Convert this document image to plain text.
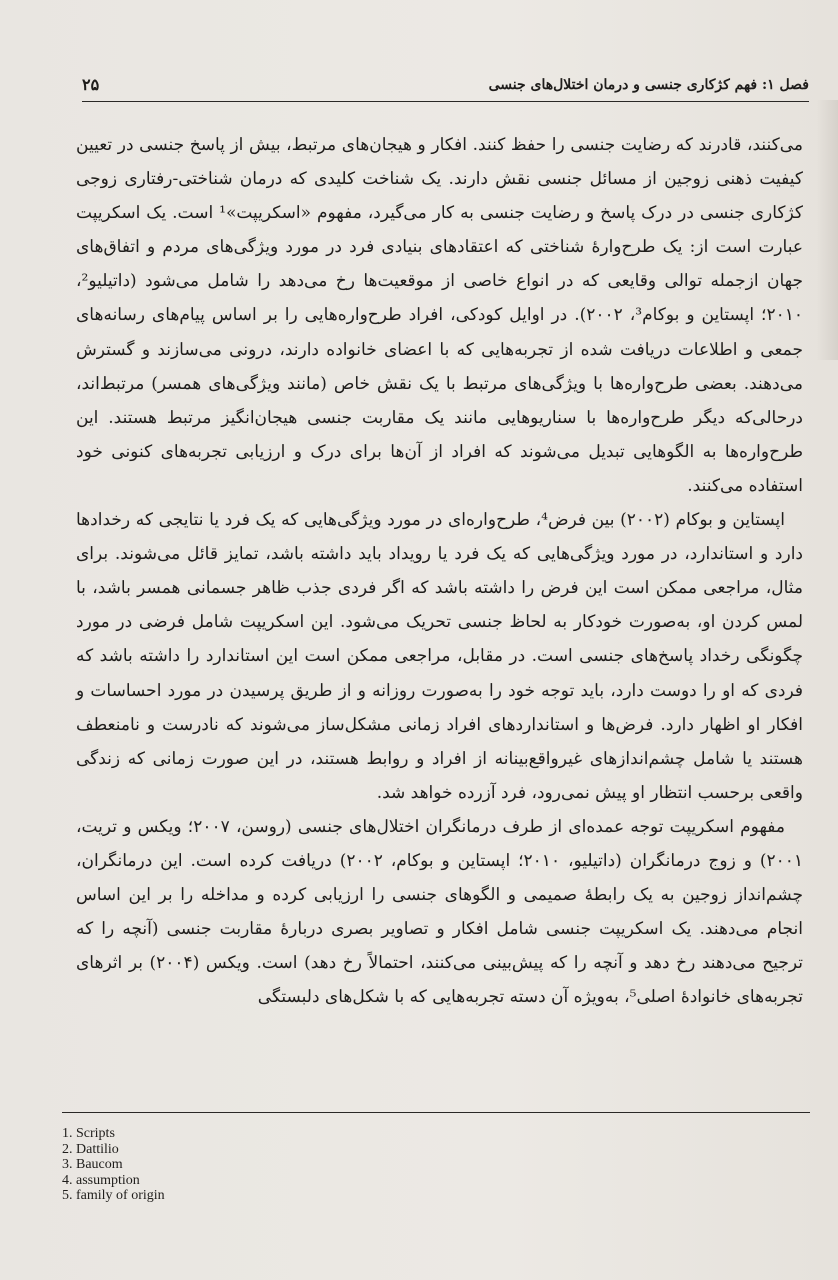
فصل ۱: فهم کژکاری جنسی و درمان اختلال‌های جنسی
۲۵

می‌کنند، قادرند که رضایت جنسی را حفظ کنند. افکار و هیجان‌های مرتبط، بیش از پاسخ جنسی در تعیین کیفیت ذهنی زوجین از مسائل جنسی نقش دارند. یک شناخت کلیدی که درمان شناختی-رفتاری زوجی کژکاری جنسی در درک پاسخ و رضایت جنسی به کار می‌گیرد، مفهوم «اسکریپت»¹ است. یک اسکریپت عبارت است از: یک طرح‌وارهٔ شناختی که اعتقادهای بنیادی فرد در مورد ویژگی‌های مردم و اتفاق‌های جهان ازجمله توالی وقایعی که در انواع خاصی از موقعیت‌ها رخ می‌دهد را شامل می‌شود (داتیلیو²، ۲۰۱۰؛ اپستاین و بوکام³، ۲۰۰۲). در اوایل کودکی، افراد طرح‌واره‌هایی را بر اساس پیام‌های رسانه‌های جمعی و اطلاعات دریافت شده از تجربه‌هایی که با اعضای خانواده دارند، درونی می‌سازند و گسترش می‌دهند. بعضی طرح‌واره‌ها با ویژگی‌های مرتبط با یک نقش خاص (مانند ویژگی‌های همسر) مرتبط‌اند، درحالی‌که دیگر طرح‌واره‌ها با سناریوهایی مانند یک مقاربت جنسی هیجان‌انگیز مرتبط هستند. این طرح‌واره‌ها به الگوهایی تبدیل می‌شوند که افراد از آن‌ها برای درک و ارزیابی تجربه‌های کنونی خود استفاده می‌کنند.

اپستاین و بوکام (۲۰۰۲) بین فرض⁴، طرح‌واره‌ای در مورد ویژگی‌هایی که یک فرد یا نتایجی که رخدادها دارد و استاندارد، در مورد ویژگی‌هایی که یک فرد یا رویداد باید داشته باشد، تمایز قائل می‌شوند. برای مثال، مراجعی ممکن است این فرض را داشته باشد که اگر فردی جذب ظاهر جسمانی همسر باشد، با لمس کردن او، به‌صورت خودکار به لحاظ جنسی تحریک می‌شود. این اسکریپت شامل فرضی در مورد چگونگی رخداد پاسخ‌های جنسی است. در مقابل، مراجعی ممکن است این استاندارد را داشته باشد که فردی که او را دوست دارد، باید توجه خود را به‌صورت روزانه و از طریق پرسیدن در مورد احساسات و افکار او اظهار دارد. فرض‌ها و استانداردهای افراد زمانی مشکل‌ساز می‌شوند که نادرست و نامنعطف هستند یا شامل چشم‌اندازهای غیرواقع‌بینانه از افراد و روابط هستند، در این صورت زمانی که زندگی واقعی برحسب انتظار او پیش نمی‌رود، فرد آزرده خواهد شد.

مفهوم اسکریپت توجه عمده‌ای از طرف درمانگران اختلال‌های جنسی (روسن، ۲۰۰۷؛ ویکس و تریت، ۲۰۰۱) و زوج درمانگران (داتیلیو، ۲۰۱۰؛ اپستاین و بوکام، ۲۰۰۲) دریافت کرده است. این درمانگران، چشم‌انداز زوجین به یک رابطهٔ صمیمی و الگوهای جنسی را ارزیابی کرده و مداخله را بر این اساس انجام می‌دهند. یک اسکریپت جنسی شامل افکار و تصاویر بصری دربارهٔ مقاربت جنسی (آنچه را که ترجیح می‌دهند رخ دهد و آنچه را که پیش‌بینی می‌کنند، احتمالاً رخ دهد) است. ویکس (۲۰۰۴) بر اثرهای تجربه‌های خانوادهٔ اصلی⁵، به‌ویژه آن دسته تجربه‌هایی که با شکل‌های دلبستگی

1. Scripts
2. Dattilio
3. Baucom
4. assumption
5. family of origin
